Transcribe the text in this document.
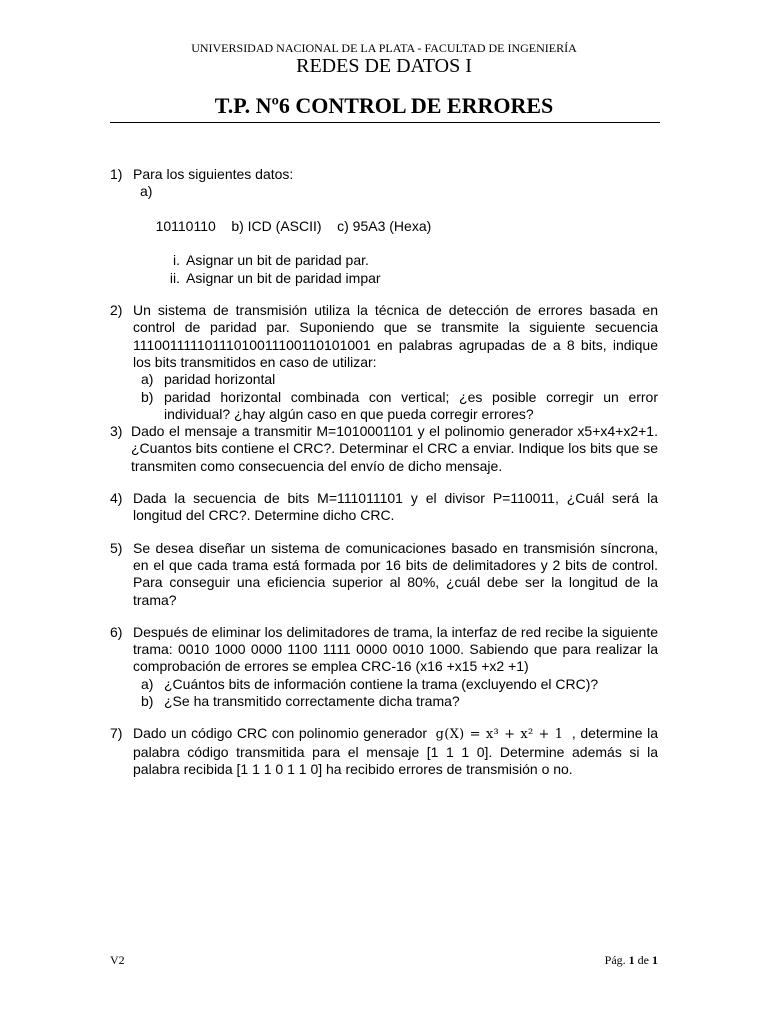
UNIVERSIDAD NACIONAL DE LA PLATA - FACULTAD DE INGENIERÍA
REDES DE DATOS I
T.P. Nº6 CONTROL DE ERRORES
1) Para los siguientes datos:

a)

10110110    b) ICD (ASCII)    c) 95A3 (Hexa)

i. Asignar un bit de paridad par.
ii. Asignar un bit de paridad impar
2) Un sistema de transmisión utiliza la técnica de detección de errores basada en control de paridad par. Suponiendo que se transmite la siguiente secuencia 11100111110111010011100110101001 en palabras agrupadas de a 8 bits, indique los bits transmitidos en caso de utilizar:
a) paridad horizontal
b) paridad horizontal combinada con vertical; ¿es posible corregir un error individual? ¿hay algún caso en que pueda corregir errores?
3) Dado el mensaje a transmitir M=1010001101 y el polinomio generador x5+x4+x2+1. ¿Cuantos bits contiene el CRC?. Determinar el CRC a enviar. Indique los bits que se transmiten como consecuencia del envío de dicho mensaje.
4) Dada la secuencia de bits M=111011101 y el divisor P=110011, ¿Cuál será la longitud del CRC?. Determine dicho CRC.
5) Se desea diseñar un sistema de comunicaciones basado en transmisión síncrona, en el que cada trama está formada por 16 bits de delimitadores y 2 bits de control. Para conseguir una eficiencia superior al 80%, ¿cuál debe ser la longitud de la trama?
6) Después de eliminar los delimitadores de trama, la interfaz de red recibe la siguiente trama: 0010 1000 0000 1100 1111 0000 0010 1000. Sabiendo que para realizar la comprobación de errores se emplea CRC-16 (x16 +x15 +x2 +1)
a) ¿Cuántos bits de información contiene la trama (excluyendo el CRC)?
b) ¿Se ha transmitido correctamente dicha trama?
7) Dado un código CRC con polinomio generador g(X) = x³ + x² + 1 , determine la palabra código transmitida para el mensaje [1 1 1 0]. Determine además si la palabra recibida [1 1 1 0 1 1 0] ha recibido errores de transmisión o no.
V2	Pág. 1 de 1
